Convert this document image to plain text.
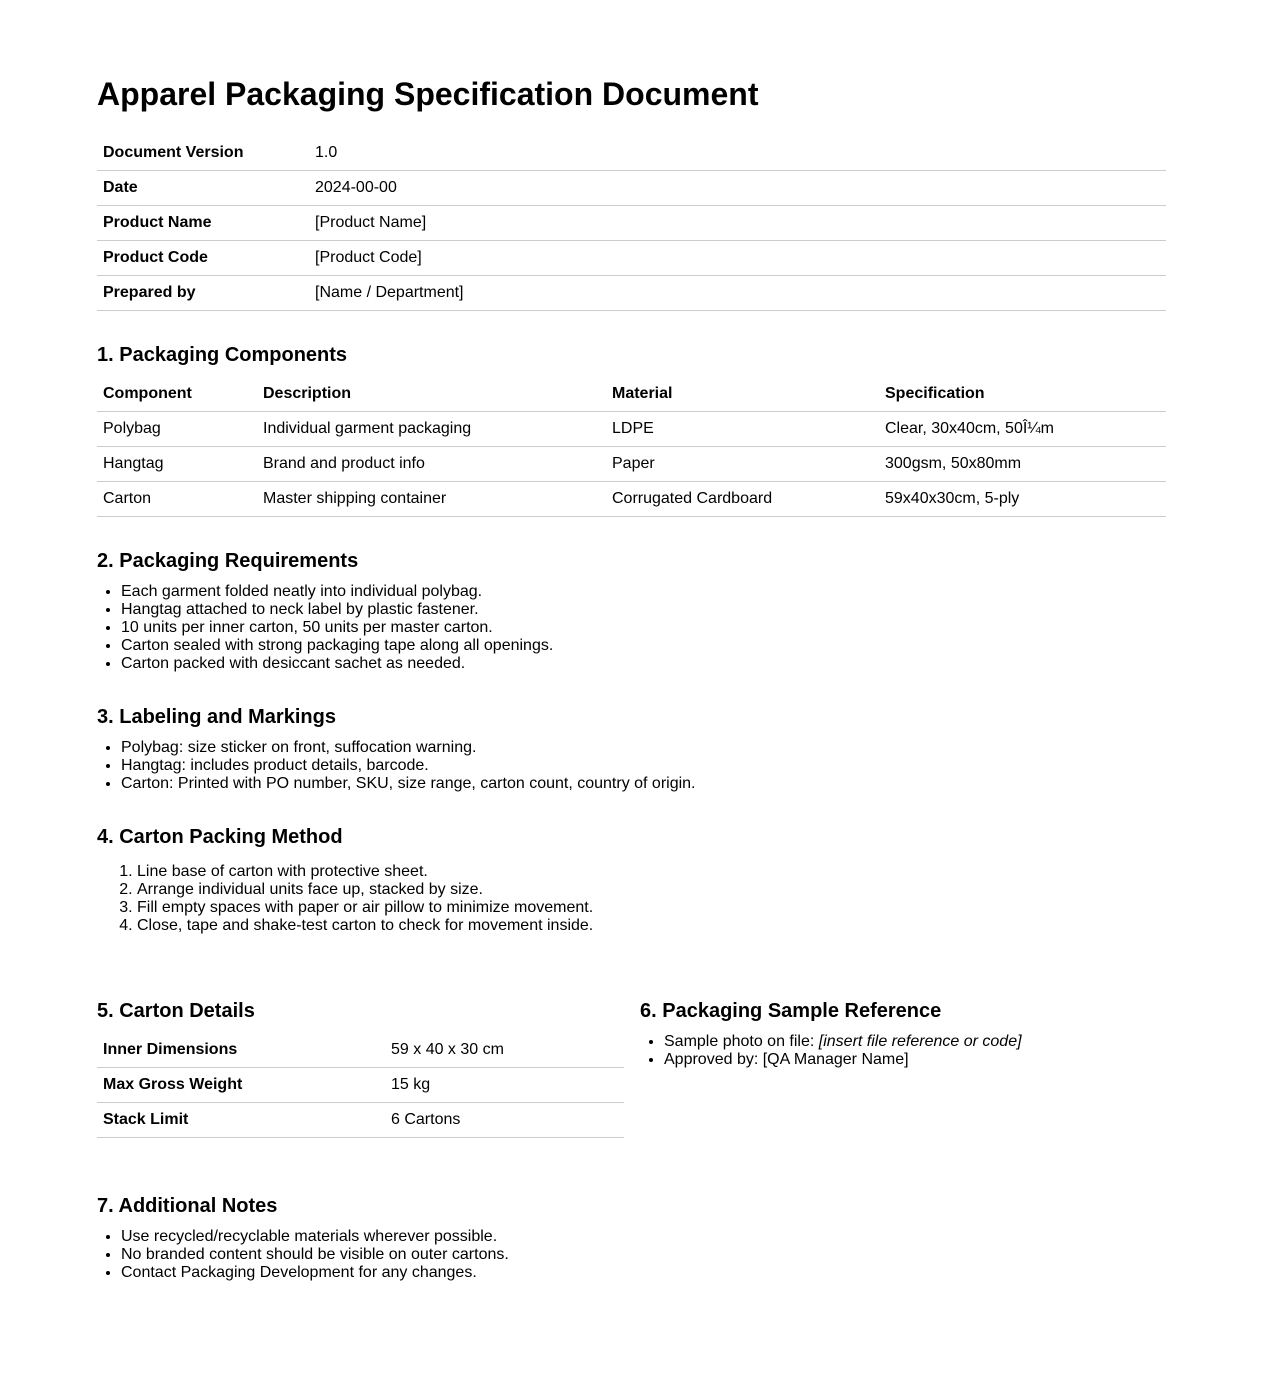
Apparel Packaging Specification Document
Document Version	1.0
Date	2024-00-00
Product Name	[Product Name]
Product Code	[Product Code]
Prepared by	[Name / Department]
1. Packaging Components
Component	Description	Material	Specification
Polybag	Individual garment packaging	LDPE	Clear, 30x40cm, 50Î¼m
Hangtag	Brand and product info	Paper	300gsm, 50x80mm
Carton	Master shipping container	Corrugated Cardboard	59x40x30cm, 5-ply
2. Packaging Requirements
• Each garment folded neatly into individual polybag.
• Hangtag attached to neck label by plastic fastener.
• 10 units per inner carton, 50 units per master carton.
• Carton sealed with strong packaging tape along all openings.
• Carton packed with desiccant sachet as needed.
3. Labeling and Markings
• Polybag: size sticker on front, suffocation warning.
• Hangtag: includes product details, barcode.
• Carton: Printed with PO number, SKU, size range, carton count, country of origin.
4. Carton Packing Method
1. Line base of carton with protective sheet.
2. Arrange individual units face up, stacked by size.
3. Fill empty spaces with paper or air pillow to minimize movement.
4. Close, tape and shake-test carton to check for movement inside.
5. Carton Details
Inner Dimensions	59 x 40 x 30 cm
Max Gross Weight	15 kg
Stack Limit	6 Cartons
6. Packaging Sample Reference
• Sample photo on file: [insert file reference or code]
• Approved by: [QA Manager Name]
7. Additional Notes
• Use recycled/recyclable materials wherever possible.
• No branded content should be visible on outer cartons.
• Contact Packaging Development for any changes.
